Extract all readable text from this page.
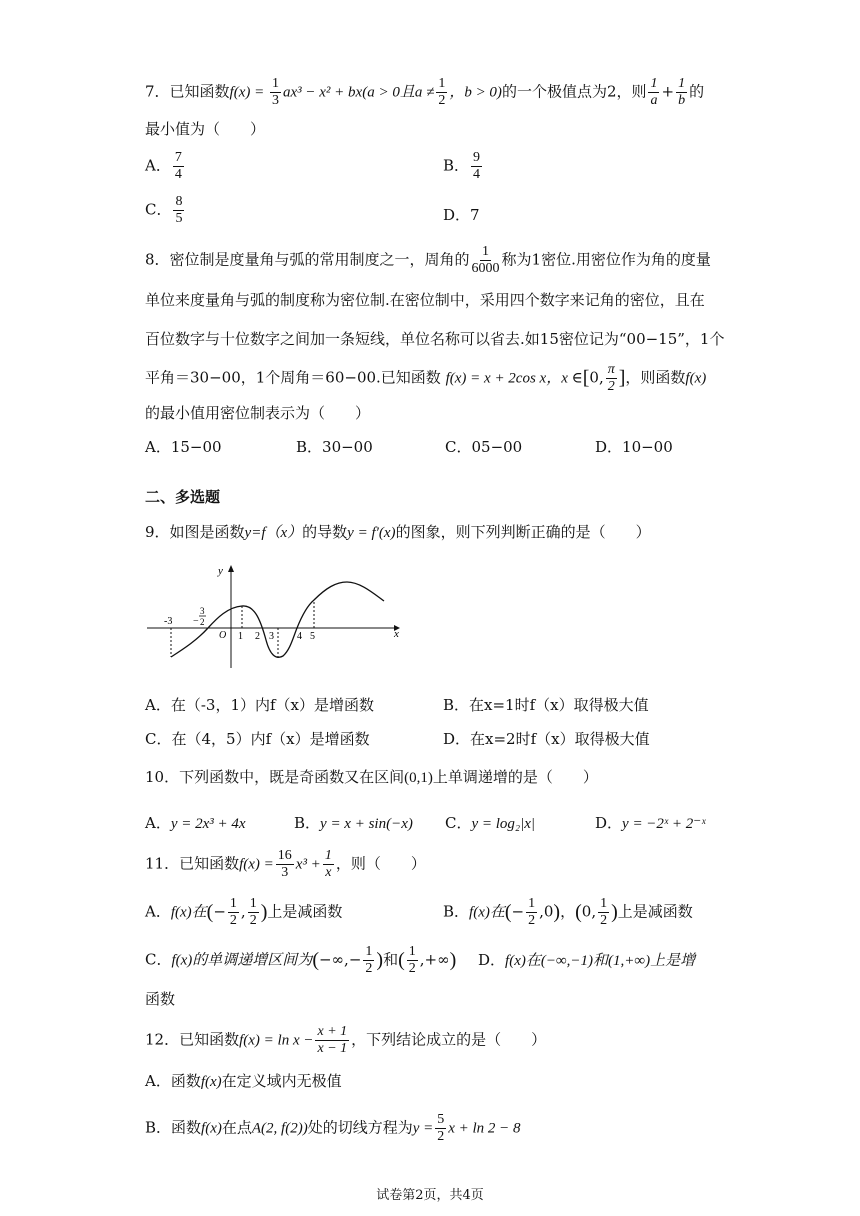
7．已知函数$f(x) = \frac{1}{3} ax^3 - x^2 + bx(a > 0$且$a \ne \frac{1}{2}$ ，b > 0)的一个极值点为2，则 $\frac{1}{a} + \frac{1}{b}$ 的
最小值为（　　）
A． $\frac{7}{4}$	B． $\frac{9}{4}$
C． $\frac{8}{5}$	D．7
8．密位制是度量角与弧的常用制度之一，周角的 $\frac{1}{6000}$ 称为1密位.用密位作为角的度量
单位来度量角与弧的制度称为密位制.在密位制中，采用四个数字来记角的密位，且在
百位数字与十位数字之间加一条短线，单位名称可以省去.如15密位记为“00−15”，1个
平角＝30−00，1个周角＝60−00.已知函数 f(x) = x + 2cos x，x ∈[0, $\frac{\pi}{2}$ ]，则函数f(x)
的最小值用密位制表示为（　　）
A．15−00	B．30−00	C．05−00	D．10−00
二、多选题
9．如图是函数y=f（x）的导数y = f′(x)的图象，则下列判断正确的是（　　）
y
x
O
-3 −
3
2
1 2 3 4 5
A．在（-3，1）内f（x）是增函数	B．在x=1时f（x）取得极大值
C．在（4，5）内f（x）是增函数	D．在x=2时f（x）取得极大值
10．下列函数中，既是奇函数又在区间(0,1)上单调递增的是（　　）
A．y = 2x³ + 4x	B．y = x + sin(−x) C．y = log₂|x|	D．y = −2ˣ + 2⁻ˣ
11．已知函数$f(x) = \frac{16}{3} x^3 + \frac{1}{x}$ ，则（　　）
A．f(x)在(− $\frac{1}{2}$ , $\frac{1}{2}$ )上是减函数	B．f(x)在(− $\frac{1}{2} ,0$)，(0, $\frac{1}{2}$ )上是减函数
C．f(x)的单调递增区间为(−∞,− $\frac{1}{2}$ )和( $\frac{1}{2}$ ,+∞) D．f(x)在(−∞,−1)和(1,+∞)上是增
函数
12．已知函数$f(x) = \ln x - \frac{x + 1}{x - 1}$ ，下列结论成立的是（　　）
A．函数f(x)在定义域内无极值
B．函数f(x)在点A(2, f(2))处的切线方程为$y = \frac{5}{2}$ x + ln 2 − 8
试卷第2页，共4页
